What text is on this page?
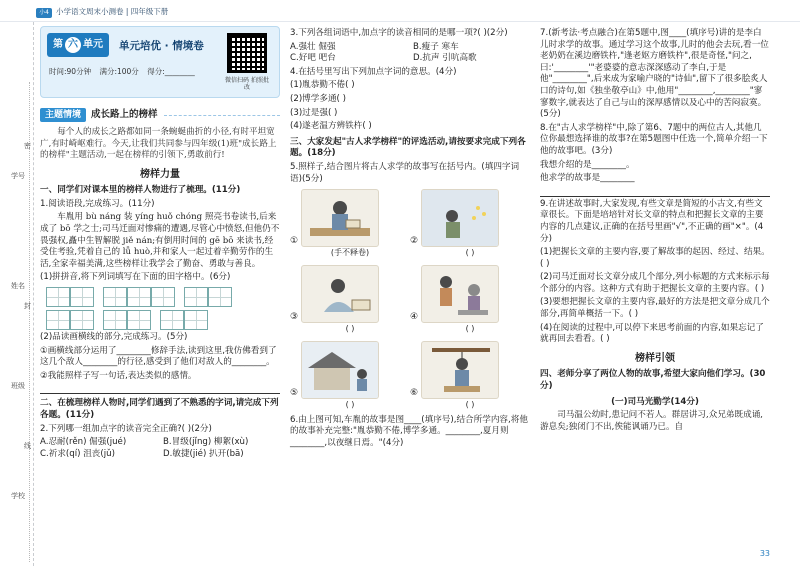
小4 小学语文周末小测卷 | 四年级下册
学号
姓名
班级
学校
密
封
线
第 六 单元	单元培优 · 情境卷
时间:90分钟 满分:100分 得分:________
微信扫码 拍照批改
主题情境	成长路上的榜样

每个人的成长之路都如同一条蜿蜒曲折的小径,有时平坦宽广,有时崎岖难行。今天,让我们共同参与四年级(1)班"成长路上的榜样"主题活动,一起在榜样的引领下,勇敢前行!

榜样力量

一、同学们对课本里的榜样人物进行了梳理。(11分)

1.阅读语段,完成练习。(11分)

车胤用 bù náng 装 yíng huǒ chóng 照亮书卷读书,后来成了 bō 学之士;司马迁面对惨痛的遭遇,尽管心中愤怒,但他仍不畏强权,矗中生智解脱 jiě nán;有倒用时间的 gē bō 来读书,经受住考验,凭着自己的 lǚ huò,并和家人一起过着辛勤劳作的生活,全家幸福美满,这些榜样让我学会了勤奋、勇敢与善良。

(1)拼拼音,将下列词填写在下面的田字格中。(6分)

(2)品读画横线的部分,完成练习。(5分)

①画横线部分运用了________修辞手法,读到这里,我仿佛看到了这几个敌人________的行径,感受到了他们对敌人的________。

②我能照样子写一句话,表达类似的感情。

二、在梳理榜样人物时,同学们遇到了不熟悉的字词,请完成下列各题。(11分)

2.下列哪一组加点字的读音完全正确?( )(2分)

A.忍耐(rěn) 倔强(jué)	B.冒级(jǐng) 柳絮(xù)
C.祈求(qí) 沮丧(jǔ)	D.敏捷(jié) 扒开(bā)

3.下列各组词语中,加点字的读音相同的是哪一项?( )(2分)

A.强壮 倔强	B.瘦子 寒车
C.好吧 吧台	D.抗声 引吭高歌

4.在括号里写出下列加点字词的意思。(4分)

(1)胤恭勤不倦( )

(2)博学多通( )

(3)过是强( )

(4)遂老温方辨铁杵( )

三、大家发起"古人求学榜样"的评选活动,请按要求完成下列各题。(18分)

5.照样子,结合图片将古人求学的故事写在括号内。(填四字词语)(5分)

①
(手不释卷)
②
( )
③
( )
④
( )
⑤
( )
⑥
( )

6.由上图可知,车胤的故事是图____(填序号),结合所学内容,将他的故事补充完整:"胤恭勤不倦,博学多通。________,夏月则________,以夜继日焉。"(4分)

7.(新考法·考点融合)在第5题中,图____(填序号)讲的是李白儿时求学的故事。通过学习这个故事,儿时的他会去玩,看一位老奶奶在溪边磨铁杵,"逢老妪方磨铁杵",很是奇怪,"问之,曰:'________'"老婆婆的意志深深感动了李白,于是他"________",后来成为家喻户晓的"诗仙",留下了很多脍炙人口的诗句,如《独坐敬亭山》中,他用"________,________"寥寥数字,就表达了自己与山的深厚感情以及心中的苦闷寂寞。(5分)

8.在"古人求学榜样"中,除了第6、7题中的两位古人,其他几位你最想选择谁的故事?在第5题图中任选一个,简单介绍一下他的故事吧。(3分)

我想介绍的是________。

他求学的故事是________

9.在讲述故事时,大家发现,有些文章是简短的小古文,有些文章很长。下面是培培针对长文章的特点和把握长文章的主要内容的几点建议,正确的在括号里画"√",不正确的画"×"。(4分)

(1)把握长文章的主要内容,要了解故事的起因、经过、结果。( )

(2)司马迁面对长文章分成几个部分,列小标题的方式来标示每个部分的内容。这种方式有助于把握长文章的主要内容。( )

(3)要想把握长文章的主要内容,最好的方法是把文章分成几个部分,再简单概括一下。( )

(4)在阅读的过程中,可以停下来思考前面的内容,如果忘记了就再回去看看。( )

榜样引领

四、老师分享了两位人物的故事,希望大家向他们学习。(30分)

(一)司马光勤学(14分)

司马温公幼时,患记问不若人。群居讲习,众兄弟既成诵,游息矣;独闭门不出,俟能讽诵乃已。自

33
